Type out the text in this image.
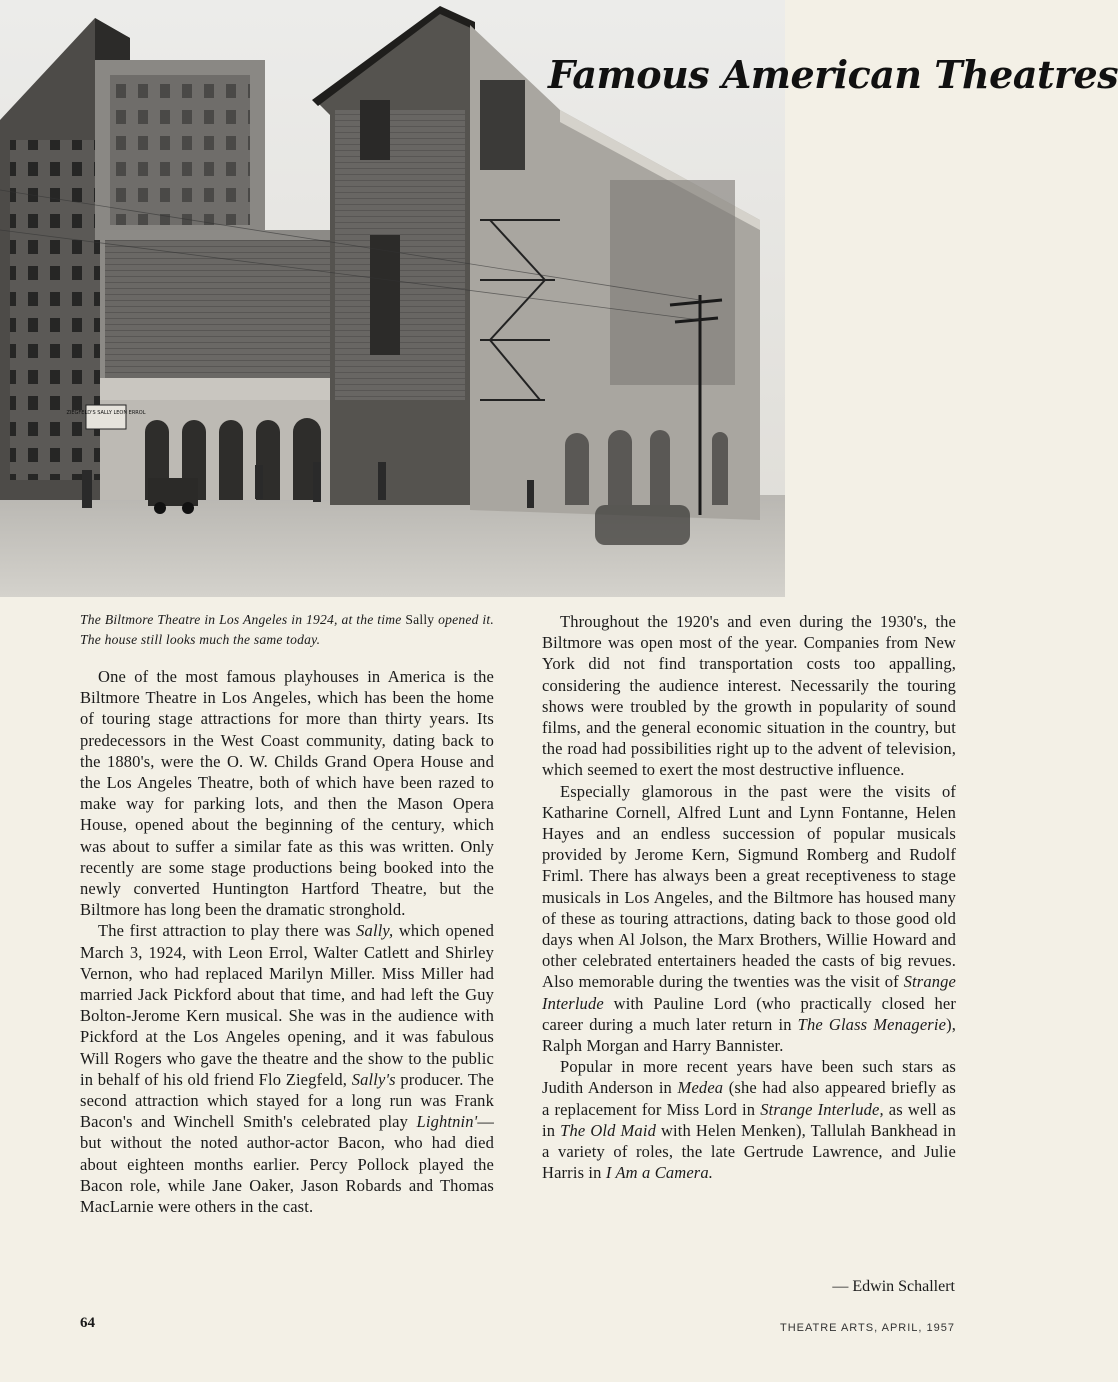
ZIEGFELD'S SALLY LEON ERROL
Famous American Theatres

The Biltmore Theatre in Los Angeles in 1924, at the time Sally opened it. The house still looks much the same today.

One of the most famous playhouses in America is the Biltmore Theatre in Los Angeles, which has been the home of touring stage attractions for more than thirty years. Its predecessors in the West Coast community, dating back to the 1880's, were the O. W. Childs Grand Opera House and the Los Angeles Theatre, both of which have been razed to make way for parking lots, and then the Mason Opera House, opened about the beginning of the century, which was about to suffer a similar fate as this was written. Only recently are some stage productions being booked into the newly converted Huntington Hartford Theatre, but the Biltmore has long been the dramatic stronghold.

The first attraction to play there was Sally, which opened March 3, 1924, with Leon Errol, Walter Catlett and Shirley Vernon, who had replaced Marilyn Miller. Miss Miller had married Jack Pickford about that time, and had left the Guy Bolton-Jerome Kern musical. She was in the audience with Pickford at the Los Angeles opening, and it was fabulous Will Rogers who gave the theatre and the show to the public in behalf of his old friend Flo Ziegfeld, Sally's producer. The second attraction which stayed for a long run was Frank Bacon's and Winchell Smith's celebrated play Lightnin'— but without the noted author-actor Bacon, who had died about eighteen months earlier. Percy Pollock played the Bacon role, while Jane Oaker, Jason Robards and Thomas MacLarnie were others in the cast.

Throughout the 1920's and even during the 1930's, the Biltmore was open most of the year. Companies from New York did not find transportation costs too appalling, considering the audience interest. Necessarily the touring shows were troubled by the growth in popularity of sound films, and the general economic situation in the country, but the road had possibilities right up to the advent of television, which seemed to exert the most destructive influence.

Especially glamorous in the past were the visits of Katharine Cornell, Alfred Lunt and Lynn Fontanne, Helen Hayes and an endless succession of popular musicals provided by Jerome Kern, Sigmund Romberg and Rudolf Friml. There has always been a great receptiveness to stage musicals in Los Angeles, and the Biltmore has housed many of these as touring attractions, dating back to those good old days when Al Jolson, the Marx Brothers, Willie Howard and other celebrated entertainers headed the casts of big revues. Also memorable during the twenties was the visit of Strange Interlude with Pauline Lord (who practically closed her career during a much later return in The Glass Menagerie), Ralph Morgan and Harry Bannister.

Popular in more recent years have been such stars as Judith Anderson in Medea (she had also appeared briefly as a replacement for Miss Lord in Strange Interlude, as well as in The Old Maid with Helen Menken), Tallulah Bankhead in a variety of roles, the late Gertrude Lawrence, and Julie Harris in I Am a Camera.

— Edwin Schallert
64	THEATRE ARTS, APRIL, 1957
